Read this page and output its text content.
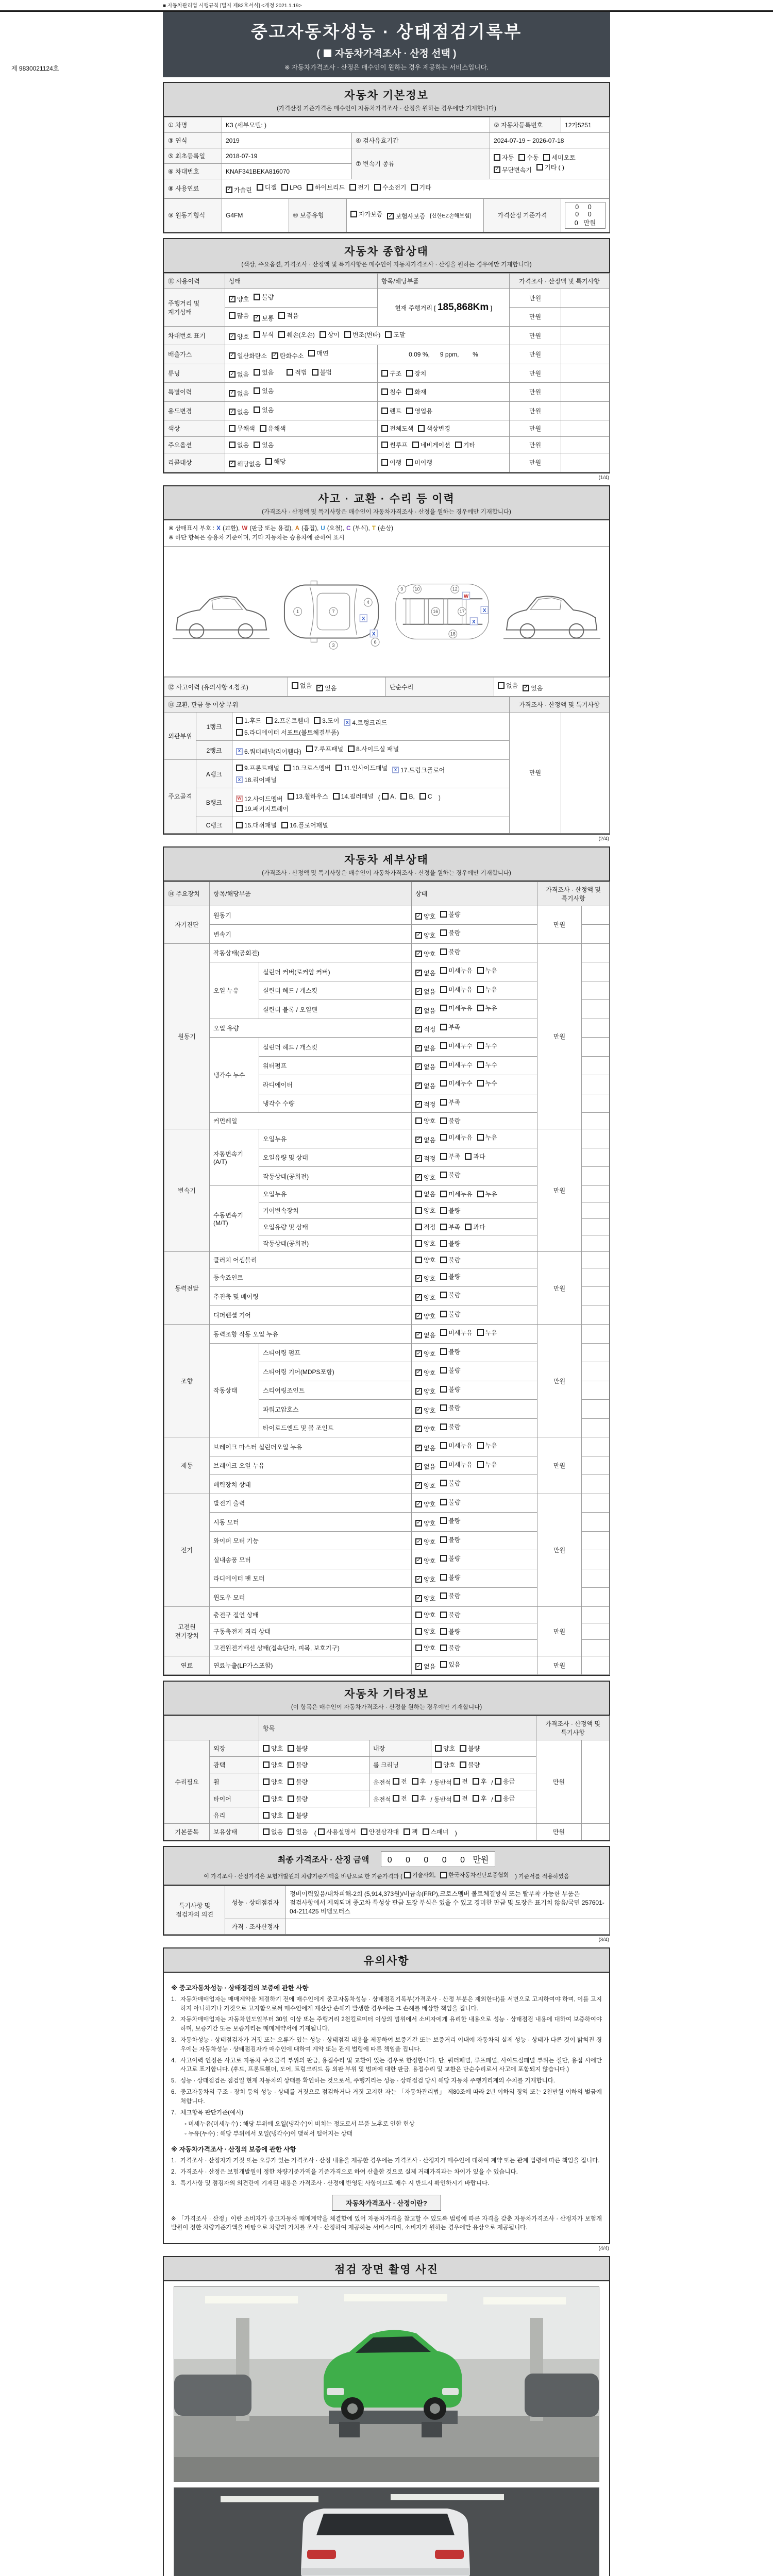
■ 자동차관리법 시행규칙 [별지 제82호서식] <개정 2021.1.19>
중고자동차성능 · 상태점검기록부
( 자동차가격조사 · 산정 선택 )
※ 자동차가격조사 · 산정은 매수인이 원하는 경우 제공하는 서비스입니다.
제 9830021124호
자동차 기본정보
(가격산정 기준가격은 매수인이 자동차가격조사 · 산정을 원하는 경우에만 기재합니다)
① 차명	K3 (세부모델: )		② 자동차등록번호	12가5251
③ 연식	2019	④ 검사유효기간	2024-07-19 ~ 2026-07-18	
⑤ 최초등록일	2018-07-19	⑦ 변속기 종류	
자동 수동 세미오토

✓ 무단변속기 기타 ( )

⑥ 차대번호	KNAF341BEKA816070			
⑧ 사용연료	✓ 가솔린 디젤 LPG 하이브리드 전기 수소전기 기타
⑨ 원동기형식	G4FM	⑩ 보증유형	자가보증 ✓ 보험사보증 [신한EZ손해보험]	가격산정 기준가격	0 0 0 0 0 만원
자동차 종합상태
(색상, 주요옵션, 가격조사 · 산정액 및 특기사항은 매수인이 자동차가격조사 · 산정을 원하는 경우에만 기재합니다)
⑪ 사용이력	상태	항목/해당부품	가격조사 · 산정액 및 특기사항	
주행거리 및 계기상태	✓ 양호 불량	현재 주행거리 [ 185,868Km ]	만원	

	많음 ✓ 보통 적음		만원	
차대번호 표기	✓ 양호 부식 훼손(오손) 상이 변조(변타) 도말	만원	
배출가스	✓ 일산화탄소 ✓ 탄화수소 매연	0.09 %,      9 ppm,        %	만원	
튜닝	✓ 없음 있음 적법 불법	구조 장치	만원	
특별이력	✓ 없음 있음	침수 화재	만원	
용도변경	✓ 없음 있음	렌트 영업용	만원	
색상	무채색 유채색	전체도색 색상변경	만원	
주요옵션	없음 있음	썬루프 네비게이션 기타	만원	
리콜대상	✓ 해당없음 해당	이행 미이행	만원	
(1/4)
사고 · 교환 · 수리 등 이력
(가격조사 · 산정액 및 특기사항은 매수인이 자동차가격조사 · 산정을 원하는 경우에만 기재합니다)
※ 상태표시 부호 : X (교환), W (판금 또는 용접), A (흠집), U (요철), C (부식), T (손상)
※ 하단 항목은 승용차 기준이며, 기타 자동차는 승용차에 준하여 표시
1	7
3
4
6
X
X
9 10
16
12
17
18
W
X
X
⑫ 사고이력 (유의사항 4.참조)	없음 ✓ 있음	단순수리	없음 ✓ 있음
⑬ 교환, 판금 등 이상 부위			가격조사 · 산정액 및 특기사항	
외판부위	1랭크	
1.후드 2.프론트휀더 3.도어	x 4.트렁크리드

5.라디에이터 서포트(볼트체결부품)
	만원	
	2랭크	x 6.쿼터패널(리어휀다) 7.루프패널 8.사이드실 패널		

주요골격	A랭크	
9.프론트패널 10.크로스멤버 11.인사이드패널	x 17.트렁크플로어

x 18.리어패널

B랭크	
w 12.사이드멤버 13.휠하우스 14.필러패널 ( A, B, C )

19.패키지트레이

	C랭크	15.대쉬패널 16.플로어패널		
(2/4)
자동차 세부상태
(가격조사 · 산정액 및 특기사항은 매수인이 자동차가격조사 · 산정을 원하는 경우에만 기재합니다)
⑭ 주요장치	항목/해당부품		상태	가격조사 · 산정액 및 특기사항	
자기진단	원동기		✓ 양호 불량	만원	
	변속기		✓ 양호 불량		

원동기	작동상태(공회전)		✓ 양호 불량	만원	
	오일 누유	실린더 커버(로커암 커버)	✓ 없음 미세누유 누유		

		실린더 헤드 / 개스킷	✓ 없음 미세누유 누유		

		실린더 블록 / 오일팬	✓ 없음 미세누유 누유		

	오일 유량		✓ 적정 부족		

	냉각수 누수	실린더 헤드 / 개스킷	✓ 없음 미세누수 누수		

		워터펌프	✓ 없음 미세누수 누수		

		라디에이터	✓ 없음 미세누수 누수		

		냉각수 수량	✓ 적정 부족		

	커먼레일		양호 불량		

변속기	자동변속기 (A/T)	오일누유	✓ 없음 미세누유 누유	만원	
		오일유량 및 상태	✓ 적정 부족 과다		

		작동상태(공회전)	✓ 양호 불량		

	수동변속기 (M/T)	오일누유	없음 미세누유 누유		

		기어변속장치	양호 불량		

		오일유량 및 상태	적정 부족 과다		

		작동상태(공회전)	양호 불량		

동력전달	클러치 어셈블리		양호 불량	만원	
	등속죠인트		✓ 양호 불량		

	추진축 및 베어링		✓ 양호 불량		

	디퍼렌셜 기어		✓ 양호 불량		

조향	동력조향 작동 오일 누유		✓ 없음 미세누유 누유	만원	
	작동상태	스티어링 펌프	✓ 양호 불량		

		스티어링 기어(MDPS포함)	✓ 양호 불량		

		스티어링조인트	✓ 양호 불량		

		파워고압호스	✓ 양호 불량		

		타이로드엔드 및 볼 조인트	✓ 양호 불량		

제동	브레이크 마스터 실린더오일 누유		✓ 없음 미세누유 누유	만원	
	브레이크 오일 누유		✓ 없음 미세누유 누유		

	배력장치 상태		✓ 양호 불량		

전기	발전기 출력		✓ 양호 불량	만원	
	시동 모터		✓ 양호 불량		

	와이퍼 모터 기능		✓ 양호 불량		

	실내송풍 모터		✓ 양호 불량		

	라디에이터 팬 모터		✓ 양호 불량		

	윈도우 모터		✓ 양호 불량		

고전원 전기장치	충전구 절연 상태		양호 불량	만원	
	구동축전지 격리 상태		양호 불량		

	고전원전기배선 상태(접속단자, 피복, 보호기구)		양호 불량		

연료	연료누출(LP가스포함)		✓ 없음 있음	만원	
자동차 기타정보
(이 항목은 매수인이 자동차가격조사 · 산정을 원하는 경우에만 기재합니다)
		항목			가격조사 · 산정액 및 특기사항	
수리필요	외장	양호 불량	내장	양호 불량	만원	
	광택	양호 불량	룸 크리닝	양호 불량		

휠	양호 불량	운전석 전 후 / 동반석 전 후 / 응급

타이어	양호 불량	운전석 전 후 / 동반석 전 후 / 응급

	유리	양호 불량				

기본품목	보유상태	없음 있음 ( 사용설명서 안전삼각대 잭 스패너 )	만원	
최종 가격조사 · 산정 금액 0 0 0 0 0 만원
이 가격조사 · 산정가격은 보험개발원의 차량기준가액을 바탕으로 한 기준가격과 ( 기술사회, 한국자동차진단보증협회 ) 기준서를 적용하였음
특기사항 및 점검자의 의견	성능 · 상태점검자	정비이력있음/내차피해-2회 (5,914,373원)/비금속(FRP),크로스멤버 볼트체결방식 또는 탈부착 가능한 부품은 점검사항에서 제외되며 중고차 특성상 판금 도장 부식은 있을 수 있고 경미한 판금 및 도장은 표기치 않음/국민 257601-04-211425 비엠모터스
	가격 · 조사산정자	
(3/4)
유의사항
※ 중고자동차성능 · 상태점검의 보증에 관한 사항
1. 자동차매매업자는 매매계약을 체결하기 전에 매수인에게 중고자동차성능 · 상태점검기록부(가격조사 · 산정 부분은 제외한다)를 서면으로 고지하여야 하며, 이를 고지하지 아니하거나 거짓으로 고지함으로써 매수인에게 재산상 손해가 발생한 경우에는 그 손해를 배상할 책임을 집니다.
2. 자동차매매업자는 자동차인도일부터 30일 이상 또는 주행거리 2천킬로미터 이상의 범위에서 소비자에게 유리한 내용으로 성능 · 상태점검 내용에 대하여 보증하여야 하며, 보증기간 또는 보증거리는 매매계약서에 기재됩니다.
3. 자동차성능 · 상태점검자가 거짓 또는 오류가 있는 성능 · 상태점검 내용을 제공하여 보증기간 또는 보증거리 이내에 자동차의 실제 성능 · 상태가 다른 것이 밝혀진 경우에는 자동차성능 · 상태점검자가 매수인에 대하여 계약 또는 관계 법령에 따른 책임을 집니다.
4. 사고이력 인정은 사고로 자동차 주요골격 부위의 판금, 용접수리 및 교환이 있는 경우로 한정합니다. 단, 쿼터패널, 루프패널, 사이드실패널 부위는 절단, 용접 시에만 사고로 표기합니다. (후드, 프론트휀더, 도어, 트렁크리드 등 외판 부위 및 범퍼에 대한 판금, 용접수리 및 교환은 단순수리로서 사고에 포함되지 않습니다.)
5. 성능 · 상태점검은 점검일 현재 자동차의 상태를 확인하는 것으로서, 주행거리는 성능 · 상태점검 당시 해당 자동차 주행거리계의 수치를 기재합니다.
6. 중고자동차의 구조 · 장치 등의 성능 · 상태를 거짓으로 점검하거나 거짓 고지한 자는 「자동차관리법」 제80조에 따라 2년 이하의 징역 또는 2천만원 이하의 벌금에 처합니다.
7. 체크항목 판단기준(예시)
◦ 미세누유(미세누수) : 해당 부위에 오일(냉각수)이 비치는 정도로서 부품 노후로 인한 현상
◦ 누유(누수) : 해당 부위에서 오일(냉각수)이 맺혀서 떨어지는 상태
※ 자동차가격조사 · 산정의 보증에 관한 사항
1. 가격조사 · 산정자가 거짓 또는 오류가 있는 가격조사 · 산정 내용을 제공한 경우에는 가격조사 · 산정자가 매수인에 대하여 계약 또는 관계 법령에 따른 책임을 집니다.
2. 가격조사 · 산정은 보험개발원이 정한 차량기준가액을 기준가격으로 하여 산출한 것으로 실제 거래가격과는 차이가 있을 수 있습니다.
3. 특기사항 및 점검자의 의견란에 기재된 내용은 가격조사 · 산정에 반영된 사항이므로 매수 시 반드시 확인하시기 바랍니다.
자동차가격조사 · 산정이란?
※ 「가격조사 · 산정」이란 소비자가 중고자동차 매매계약을 체결함에 있어 자동차가격을 참고할 수 있도록 법령에 따른 자격을 갖춘 자동차가격조사 · 산정자가 보험개발원이 정한 차량기준가액을 바탕으로 차량의 가치를 조사 · 산정하여 제공하는 서비스이며, 소비자가 원하는 경우에만 유상으로 제공됩니다.
(4/4)
점검 장면 촬영 사진
